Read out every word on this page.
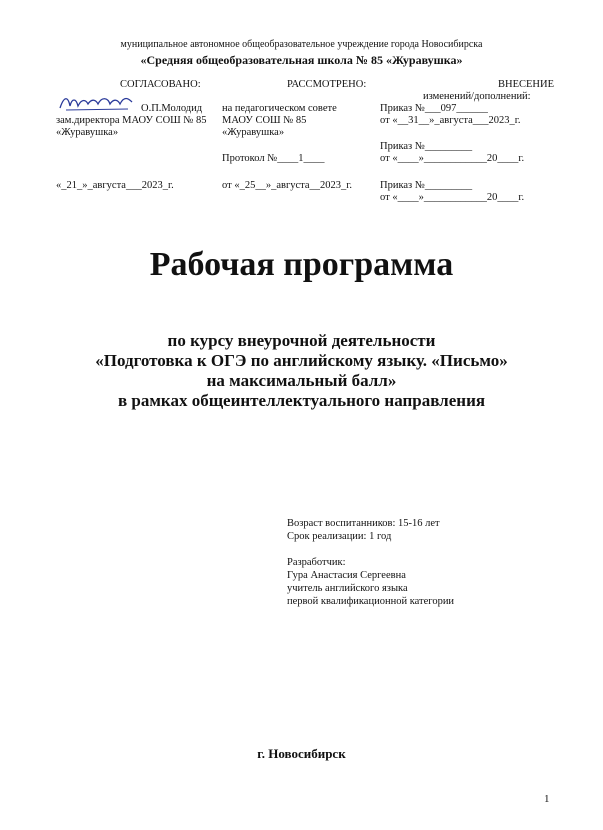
муниципальное автономное общеобразовательное учреждение города Новосибирска
«Средняя общеобразовательная школа № 85 «Журавушка»
СОГЛАСОВАНО:
О.П.Молодид
зам.директора МАОУ СОШ № 85
«Журавушка»
«_21_»_августа___2023_г.
РАССМОТРЕНО:
на педагогическом совете
МАОУ СОШ № 85
«Журавушка»
Протокол №____1____
от «_25__»_августа__2023_г.
ВНЕСЕНИЕ
изменений/дополнений:
Приказ №___097______
от «__31__»_августа___2023_г.
Приказ №_________
от «____»____________20____г.
Приказ №_________
от «____»____________20____г.
Рабочая программа
по курсу внеурочной деятельности
«Подготовка к ОГЭ по английскому языку. «Письмо»
на максимальный балл»
в рамках общеинтеллектуального направления
Возраст воспитанников: 15-16 лет
Срок реализации: 1 год
Разработчик:
Гура Анастасия Сергеевна
учитель английского языка
первой квалификационной категории
г. Новосибирск
1
